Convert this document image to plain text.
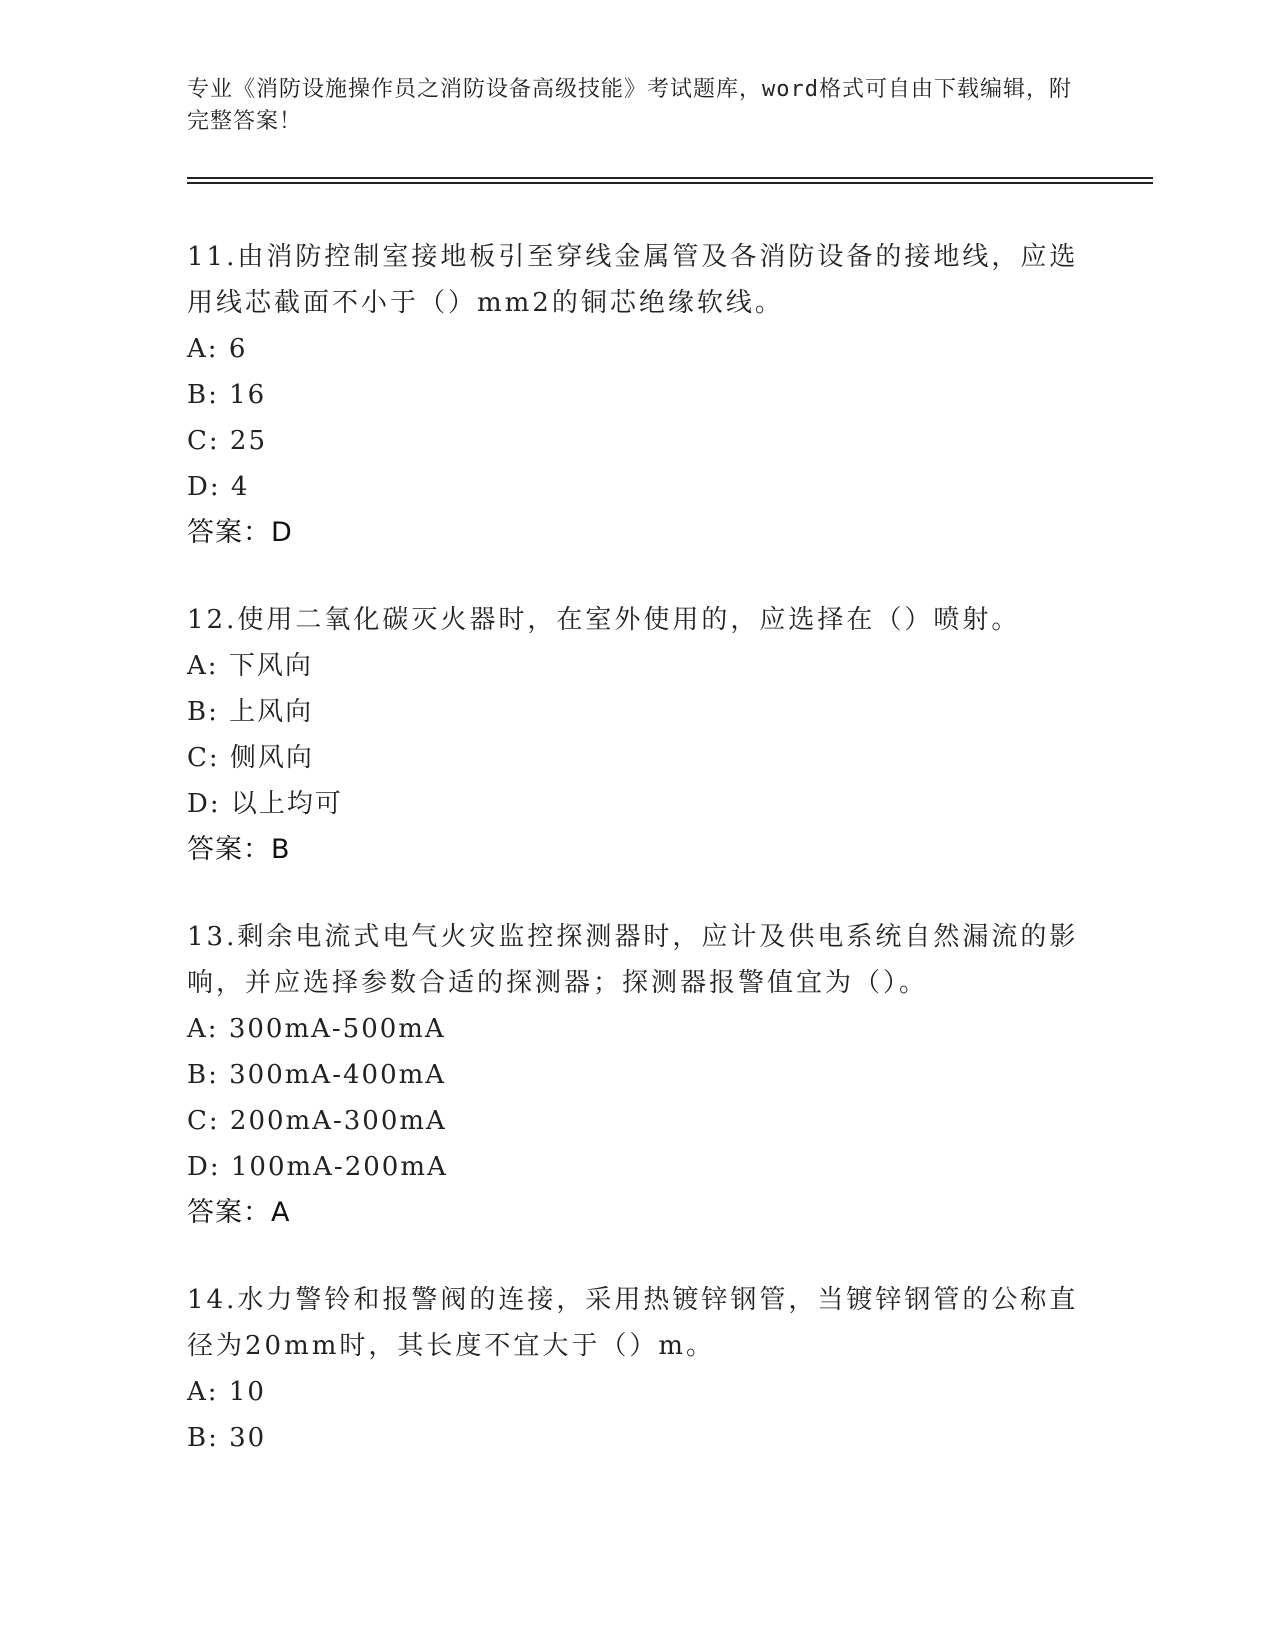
专业《消防设施操作员之消防设备高级技能》考试题库，word格式可自由下载编辑，附完整答案！
11.由消防控制室接地板引至穿线金属管及各消防设备的接地线，应选用线芯截面不小于（）mm2的铜芯绝缘软线。
A: 6
B: 16
C: 25
D: 4
答案：D
12.使用二氧化碳灭火器时，在室外使用的，应选择在（）喷射。
A: 下风向
B: 上风向
C: 侧风向
D: 以上均可
答案：B
13.剩余电流式电气火灾监控探测器时，应计及供电系统自然漏流的影响，并应选择参数合适的探测器；探测器报警值宜为（）。
A: 300mA-500mA
B: 300mA-400mA
C: 200mA-300mA
D: 100mA-200mA
答案：A
14.水力警铃和报警阀的连接，采用热镀锌钢管，当镀锌钢管的公称直径为20mm时，其长度不宜大于（）m。
A: 10
B: 30
